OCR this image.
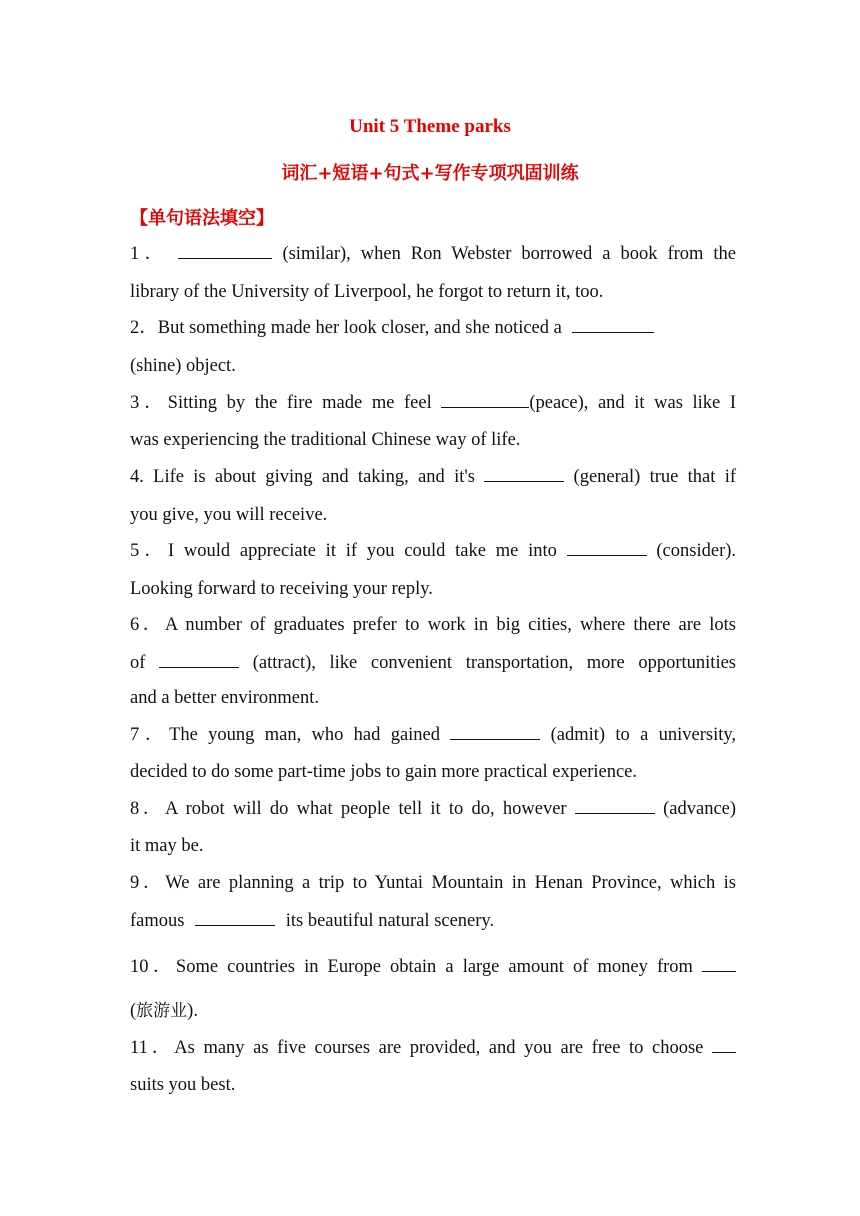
Unit 5 Theme parks
词汇+短语+句式+写作专项巩固训练
【单句语法填空】
1．	(similar), when Ron Webster borrowed a book from the
library of the University of Liverpool, he forgot to return it, too.
2．But something made her look closer, and she noticed a
(shine) object.
3．Sitting by the fire made me feel	(peace), and it was like I
was experiencing the traditional Chinese way of life.
4. Life is about giving and taking, and it's	(general) true that if
you give, you will receive.
5．I would appreciate it if you could take me into	(consider).
Looking forward to receiving your reply.
6．A number of graduates prefer to work in big cities, where there are lots
of	(attract), like convenient transportation, more opportunities
and a better environment.
7．The young man, who had gained	(admit) to a university,
decided to do some part-time jobs to gain more practical experience.
8．A robot will do what people tell it to do, however	(advance)
it may be.
9．We are planning a trip to Yuntai Mountain in Henan Province, which is
famous	its beautiful natural scenery.
10．Some countries in Europe obtain a large amount of money from
(旅游业).
11．As many as five courses are provided, and you are free to choose
suits you best.
